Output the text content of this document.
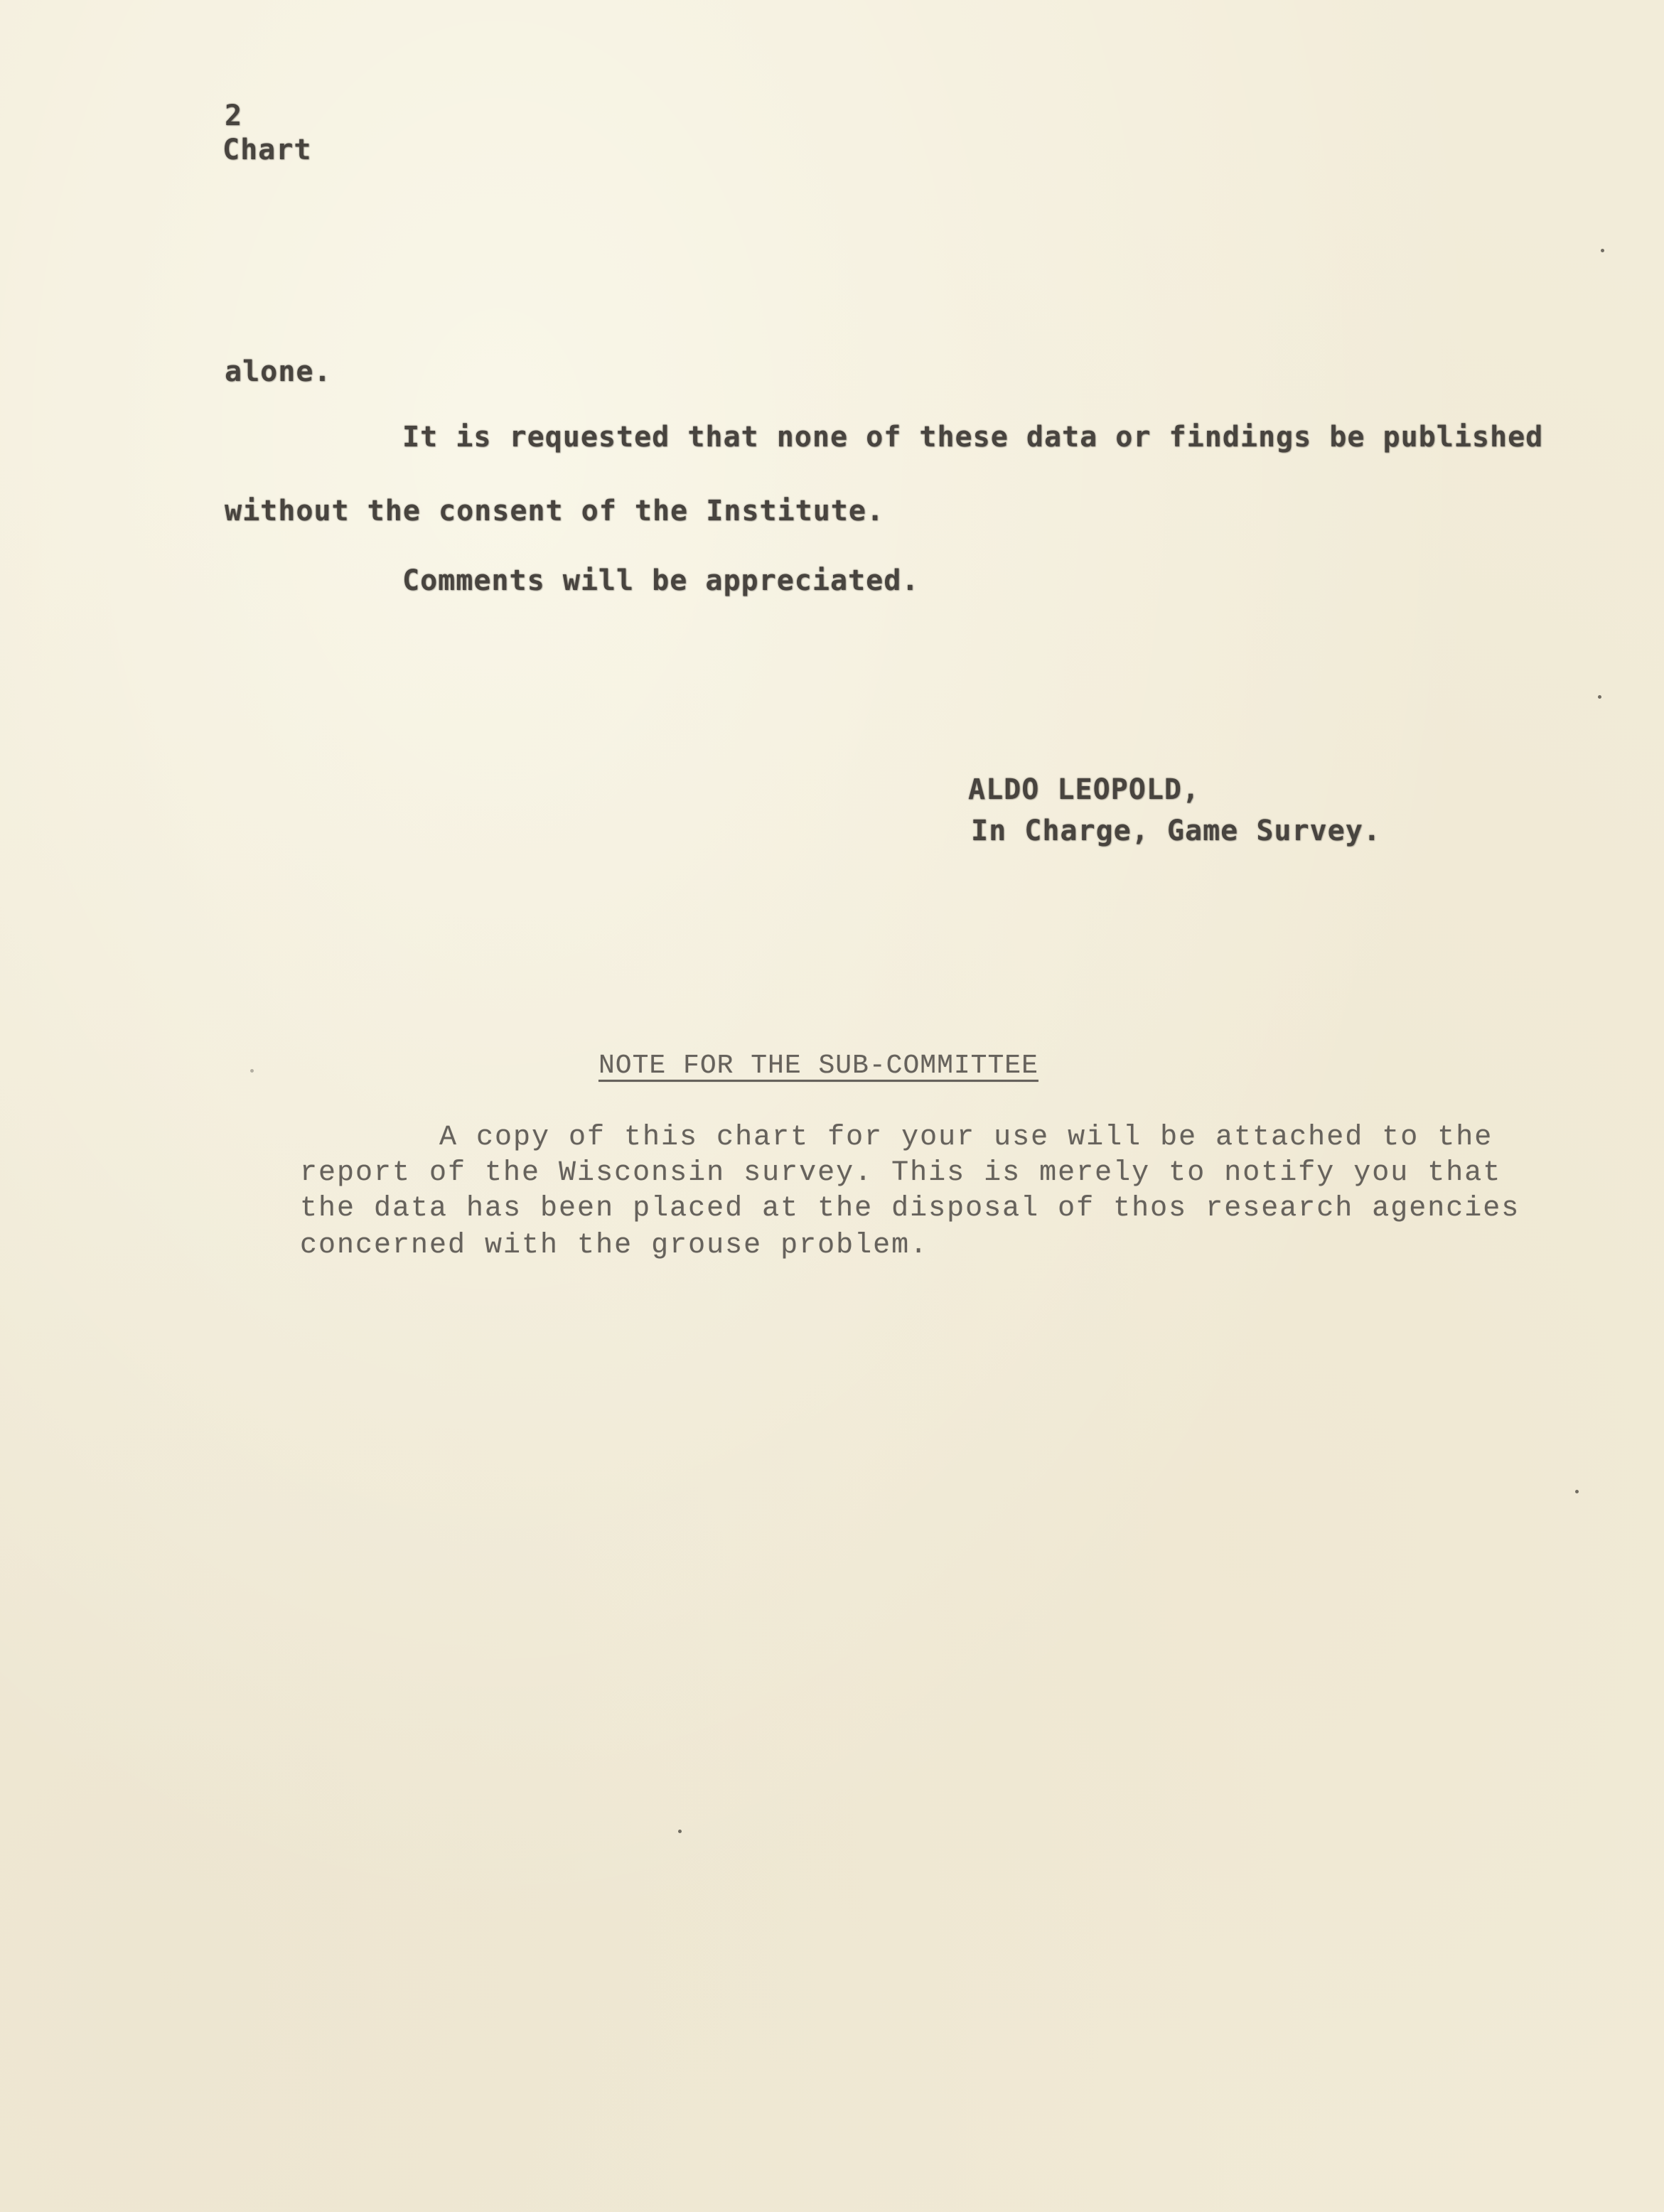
2
Chart
alone.
It is requested that none of these data or findings be published
without the consent of the Institute.
Comments will be appreciated.
ALDO LEOPOLD,
In Charge, Game Survey.
NOTE FOR THE SUB-COMMITTEE
A copy of this chart for your use will be attached to the
report of the Wisconsin survey. This is merely to notify you that
the data has been placed at the disposal of thos research agencies
concerned with the grouse problem.
